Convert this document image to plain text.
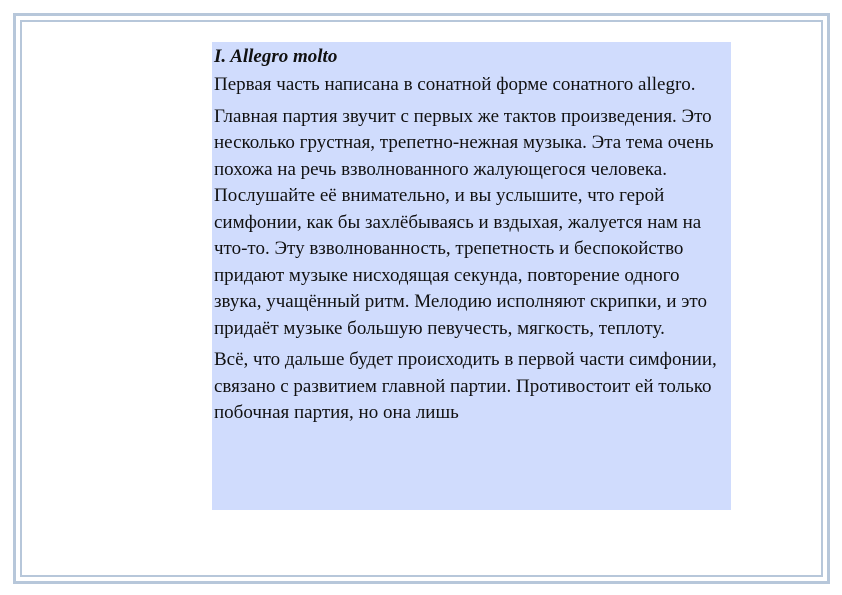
I. Allegro molto

Первая часть написана в сонатной форме сонатного allegro.

Главная партия звучит с первых же тактов произведения. Это несколько грустная, трепетно-нежная музыка. Эта тема очень похожа на речь взволнованного жалующегося человека. Послушайте её внимательно, и вы услышите, что герой симфонии, как бы захлёбываясь и вздыхая, жалуется нам на что-то. Эту взволнованность, трепетность и беспокойство придают музыке нисходящая секунда, повторение одного звука, учащённый ритм. Мелодию исполняют скрипки, и это придаёт музыке большую певучесть, мягкость, теплоту.

Всё, что дальше будет происходить в первой части симфонии, связано с развитием главной партии. Противостоит ей только побочная партия, но она лишь
